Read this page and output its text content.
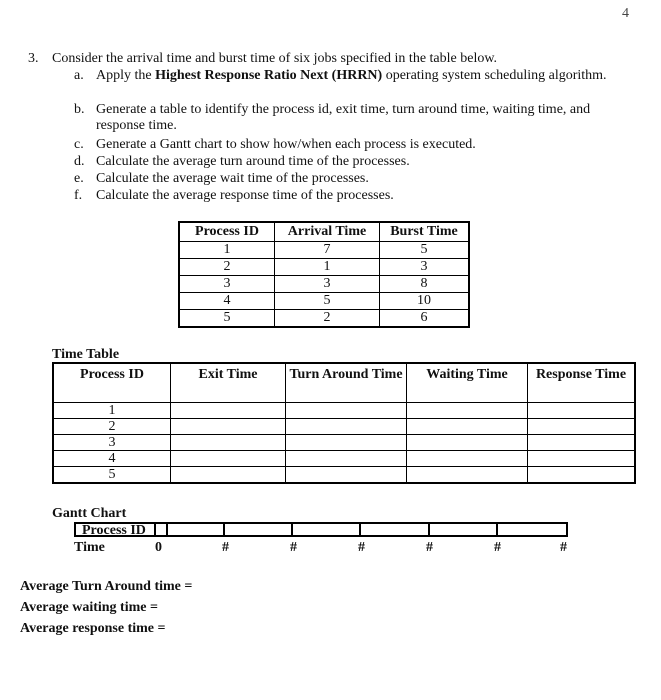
4
3. Consider the arrival time and burst time of six jobs specified in the table below.
a. Apply the Highest Response Ratio Next (HRRN) operating system scheduling algorithm.
b. Generate a table to identify the process id, exit time, turn around time, waiting time, and response time.
c. Generate a Gantt chart to show how/when each process is executed.
d. Calculate the average turn around time of the processes.
e. Calculate the average wait time of the processes.
f. Calculate the average response time of the processes.
Process ID	Arrival Time	Burst Time
1	7	5
2	1	3
3	3	8
4	5	10
5	2	6
Time Table
Process ID	Exit Time	Turn Around Time	Waiting Time	Response Time
1				
2				
3				
4				
5				
Gantt Chart
Process ID
Time	0	#	#	#	#	#	#
Average Turn Around time =
Average waiting time =
Average response time =
